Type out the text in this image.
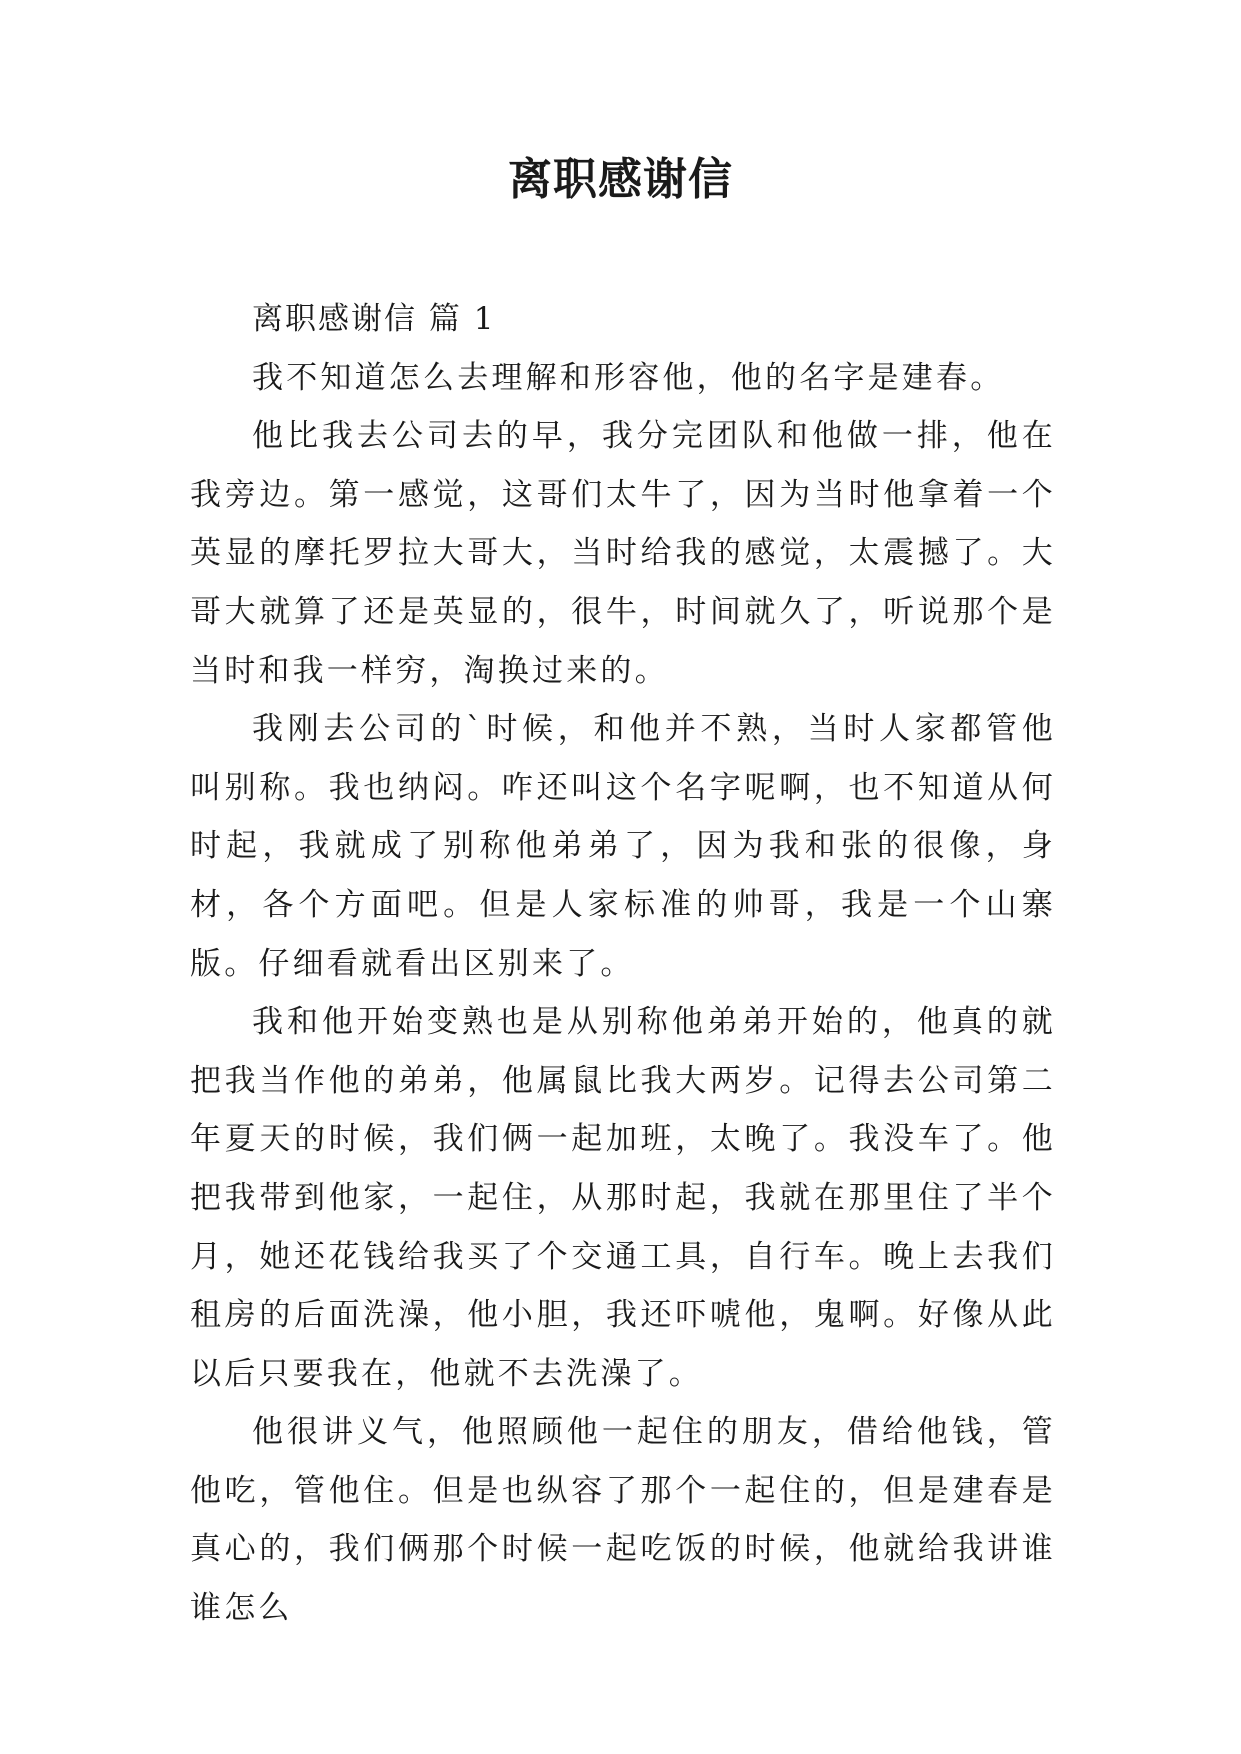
离职感谢信

离职感谢信 篇 1

我不知道怎么去理解和形容他，他的名字是建春。

他比我去公司去的早，我分完团队和他做一排，他在我旁边。第一感觉，这哥们太牛了，因为当时他拿着一个英显的摩托罗拉大哥大，当时给我的感觉，太震撼了。大哥大就算了还是英显的，很牛，时间就久了，听说那个是当时和我一样穷，淘换过来的。

我刚去公司的`时候，和他并不熟，当时人家都管他叫别称。我也纳闷。咋还叫这个名字呢啊，也不知道从何时起，我就成了别称他弟弟了，因为我和张的很像，身材，各个方面吧。但是人家标准的帅哥，我是一个山寨版。仔细看就看出区别来了。

我和他开始变熟也是从别称他弟弟开始的，他真的就把我当作他的弟弟，他属鼠比我大两岁。记得去公司第二年夏天的时候，我们俩一起加班，太晚了。我没车了。他把我带到他家，一起住，从那时起，我就在那里住了半个月，她还花钱给我买了个交通工具，自行车。晚上去我们租房的后面洗澡，他小胆，我还吓唬他，鬼啊。好像从此以后只要我在，他就不去洗澡了。

他很讲义气，他照顾他一起住的朋友，借给他钱，管他吃，管他住。但是也纵容了那个一起住的，但是建春是真心的，我们俩那个时候一起吃饭的时候，他就给我讲谁谁怎么
